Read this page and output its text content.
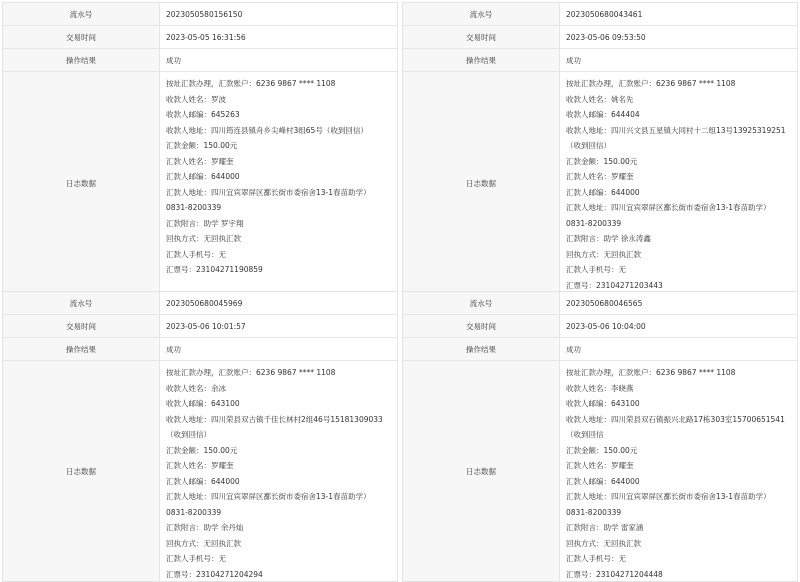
流水号	2023050580156150
交易时间	2023-05-05 16:31:56
操作结果	成功
日志数据
按址汇款办理，汇款账户：6236 9867 **** 1108
收款人姓名：罗波
收款人邮编：645263
收款人地址：四川筠连县镇舟乡尖峰村3组65号（收到回信）
汇款金额：150.00元
汇款人姓名：罗耀奎
汇款人邮编：644000
汇款人地址：四川宜宾翠屏区鄱长街市委宿舍13-1春苗助学）0831-8200339
汇款附言：助学 罗宇翔
回执方式：无回执汇款
汇款人手机号：无
汇票号：23104271190859
流水号	2023050680043461
交易时间	2023-05-06 09:53:50
操作结果	成功
日志数据
按址汇款办理，汇款账户：6236 9867 **** 1108
收款人姓名：姚名先
收款人邮编：644404
收款人地址：四川兴文县五星镇大同村十二组13号13925319251（收到回信）
汇款金额：150.00元
汇款人姓名：罗耀奎
汇款人邮编：644000
汇款人地址：四川宜宾翠屏区鄱长街市委宿舍13-1春苗助学）0831-8200339
汇款附言：助学 徐永涛鑫
回执方式：无回执汇款
汇款人手机号：无
汇票号：23104271203443
流水号	2023050680045969
交易时间	2023-05-06 10:01:57
操作结果	成功
日志数据
按址汇款办理，汇款账户：6236 9867 **** 1108
收款人姓名：余冰
收款人邮编：643100
收款人地址：四川荣县双古镇千佳长林村2组46号15181309033（收到回信）
汇款金额：150.00元
汇款人姓名：罗耀奎
汇款人邮编：644000
汇款人地址：四川宜宾翠屏区鄱长街市委宿舍13-1春苗助学）0831-8200339
汇款附言：助学 余丹灿
回执方式：无回执汇款
汇款人手机号：无
汇票号：23104271204294
流水号	2023050680046565
交易时间	2023-05-06 10:04:00
操作结果	成功
日志数据
按址汇款办理，汇款账户：6236 9867 **** 1108
收款人姓名：李晓燕
收款人邮编：643100
收款人地址：四川荣县双石镇振兴北路17栋303室15700651541（收到回信
汇款金额：150.00元
汇款人姓名：罗耀奎
汇款人邮编：644000
汇款人地址：四川宜宾翠屏区鄱长街市委宿舍13-1春苗助学）0831-8200339
汇款附言：助学 雷家涵
回执方式：无回执汇款
汇款人手机号：无
汇票号：23104271204448
